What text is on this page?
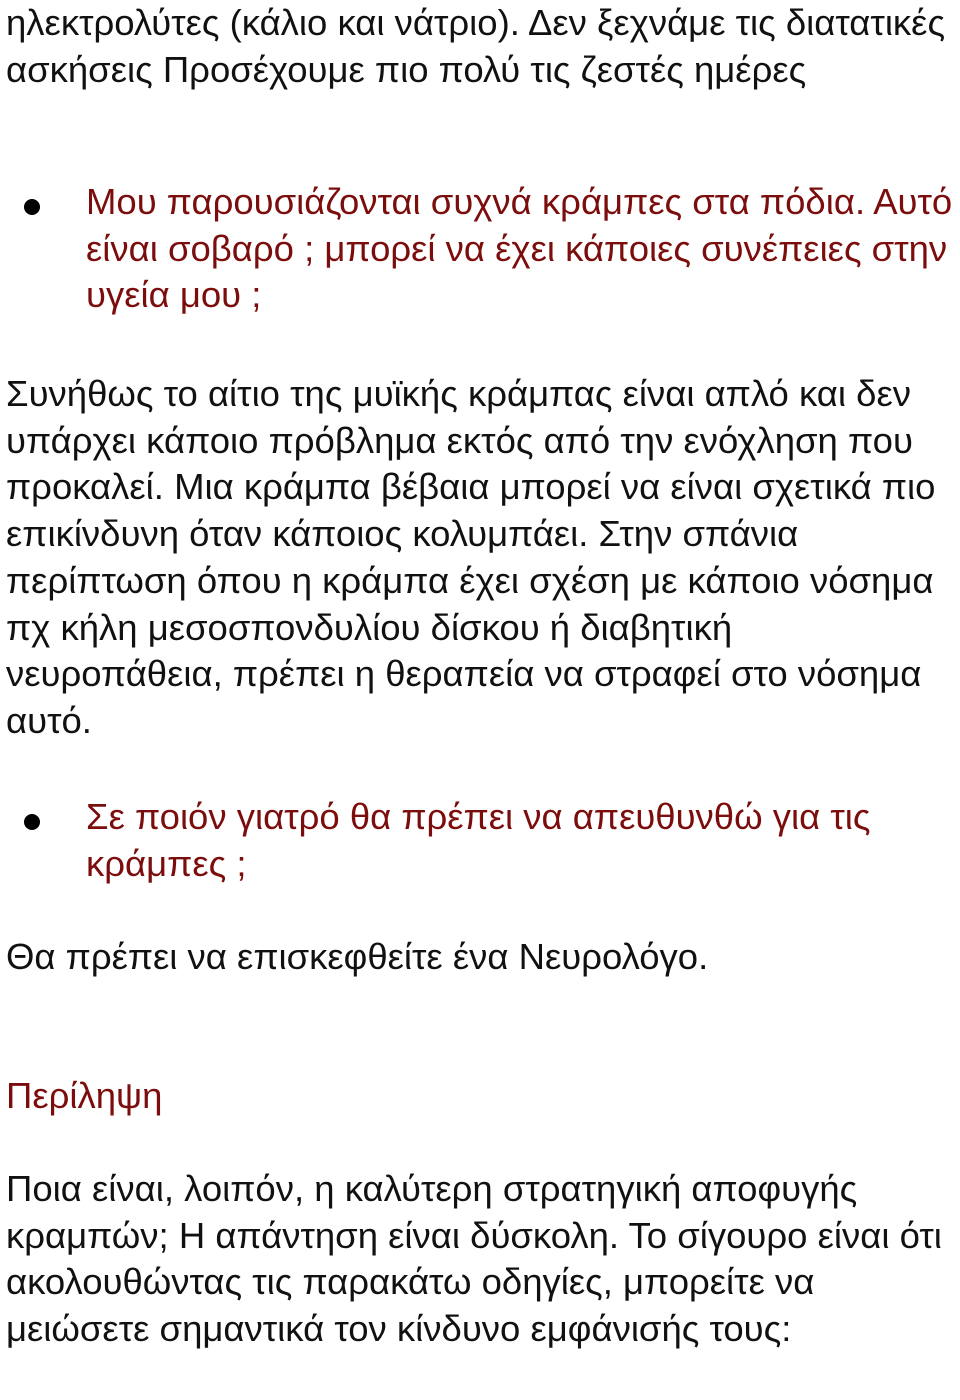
ηλεκτρολύτες (κάλιο και νάτριο). Δεν ξεχνάμε τις διατατικές ασκήσεις Προσέχουμε πιο πολύ τις ζεστές ημέρες

Μου παρουσιάζονται συχνά κράμπες στα πόδια. Αυτό είναι σοβαρό ; μπορεί να έχει κάποιες συνέπειες στην υγεία μου ;

Συνήθως το αίτιο της μυϊκής κράμπας είναι απλό και δεν υπάρχει κάποιο πρόβλημα εκτός από την ενόχληση που προκαλεί. Μια κράμπα βέβαια μπορεί να είναι σχετικά πιο επικίνδυνη όταν κάποιος κολυμπάει. Στην σπάνια περίπτωση όπου η κράμπα έχει σχέση με κάποιο νόσημα πχ κήλη μεσοσπονδυλίου δίσκου ή διαβητική νευροπάθεια, πρέπει η θεραπεία να στραφεί στο νόσημα αυτό.

Σε ποιόν γιατρό θα πρέπει να απευθυνθώ για τις κράμπες ;

Θα πρέπει να επισκεφθείτε ένα Νευρολόγο.

Περίληψη

Ποια είναι, λοιπόν, η καλύτερη στρατηγική αποφυγής κραμπών; Η απάντηση είναι δύσκολη. Το σίγουρο είναι ότι ακολουθώντας τις παρακάτω οδηγίες, μπορείτε να μειώσετε σημαντικά τον κίνδυνο εμφάνισής τους:
